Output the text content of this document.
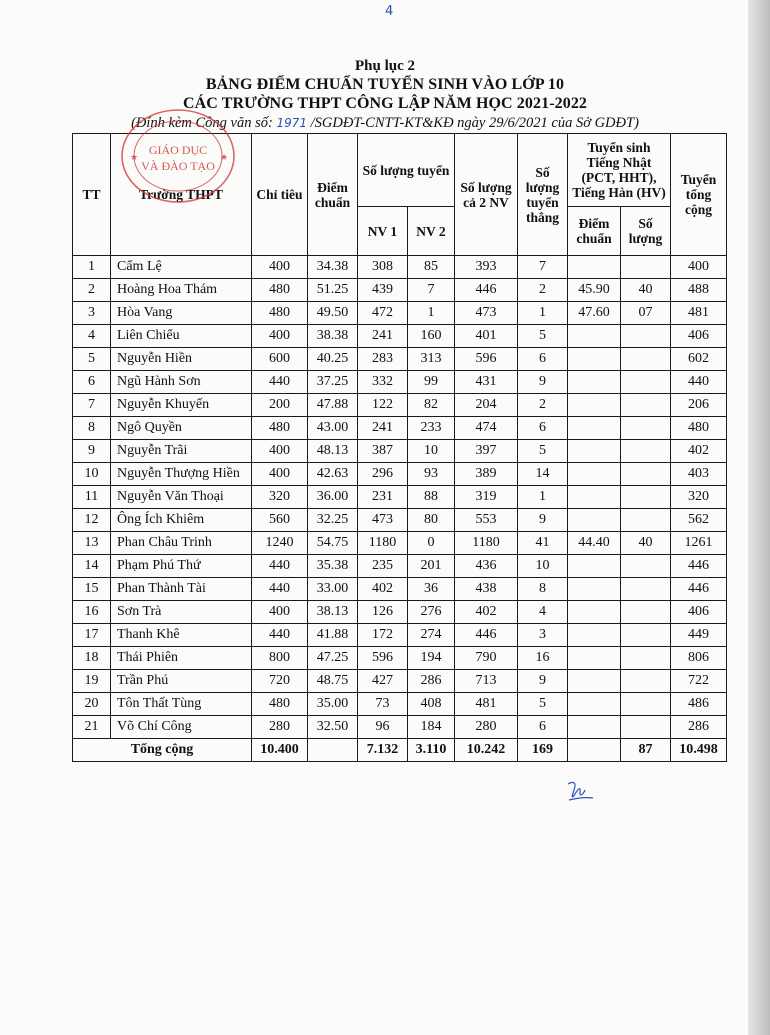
4
Phụ lục 2
BẢNG ĐIỂM CHUẨN TUYỂN SINH VÀO LỚP 10
CÁC TRƯỜNG THPT CÔNG LẬP NĂM HỌC 2021-2022
(Đính kèm Công văn số: 1971 /SGDĐT-CNTT-KT&KĐ ngày 29/6/2021 của Sở GDĐT)
TT	Trường THPT	Chỉ tiêu	Điểm chuẩn	Số lượng tuyển		Số lượng cả 2 NV	Số lượng tuyển thẳng	Tuyển sinh Tiếng Nhật (PCT, HHT), Tiếng Hàn (HV)		Tuyển tổng cộng
								Điểm chuẩn	Số lượng	
				NV 1	NV 2					
1	Cẩm Lệ	400	34.38	308	85	393	7			400
2	Hoàng Hoa Thám	480	51.25	439	7	446	2	45.90	40	488
3	Hòa Vang	480	49.50	472	1	473	1	47.60	07	481
4	Liên Chiểu	400	38.38	241	160	401	5			406
5	Nguyễn Hiền	600	40.25	283	313	596	6			602
6	Ngũ Hành Sơn	440	37.25	332	99	431	9			440
7	Nguyễn Khuyến	200	47.88	122	82	204	2			206
8	Ngô Quyền	480	43.00	241	233	474	6			480
9	Nguyễn Trãi	400	48.13	387	10	397	5			402
10	Nguyễn Thượng Hiền	400	42.63	296	93	389	14			403
11	Nguyễn Văn Thoại	320	36.00	231	88	319	1			320
12	Ông Ích Khiêm	560	32.25	473	80	553	9			562
13	Phan Châu Trinh	1240	54.75	1180	0	1180	41	44.40	40	1261
14	Phạm Phú Thứ	440	35.38	235	201	436	10			446
15	Phan Thành Tài	440	33.00	402	36	438	8			446
16	Sơn Trà	400	38.13	126	276	402	4			406
17	Thanh Khê	440	41.88	172	274	446	3			449
18	Thái Phiên	800	47.25	596	194	790	16			806
19	Trần Phú	720	48.75	427	286	713	9			722
20	Tôn Thất Tùng	480	35.00	73	408	481	5			486
21	Võ Chí Công	280	32.50	96	184	280	6			286
Tổng cộng		10.400		7.132	3.110	10.242	169		87	10.498
GIÁO DỤC
VÀ ĐÀO TẠO
★	★
